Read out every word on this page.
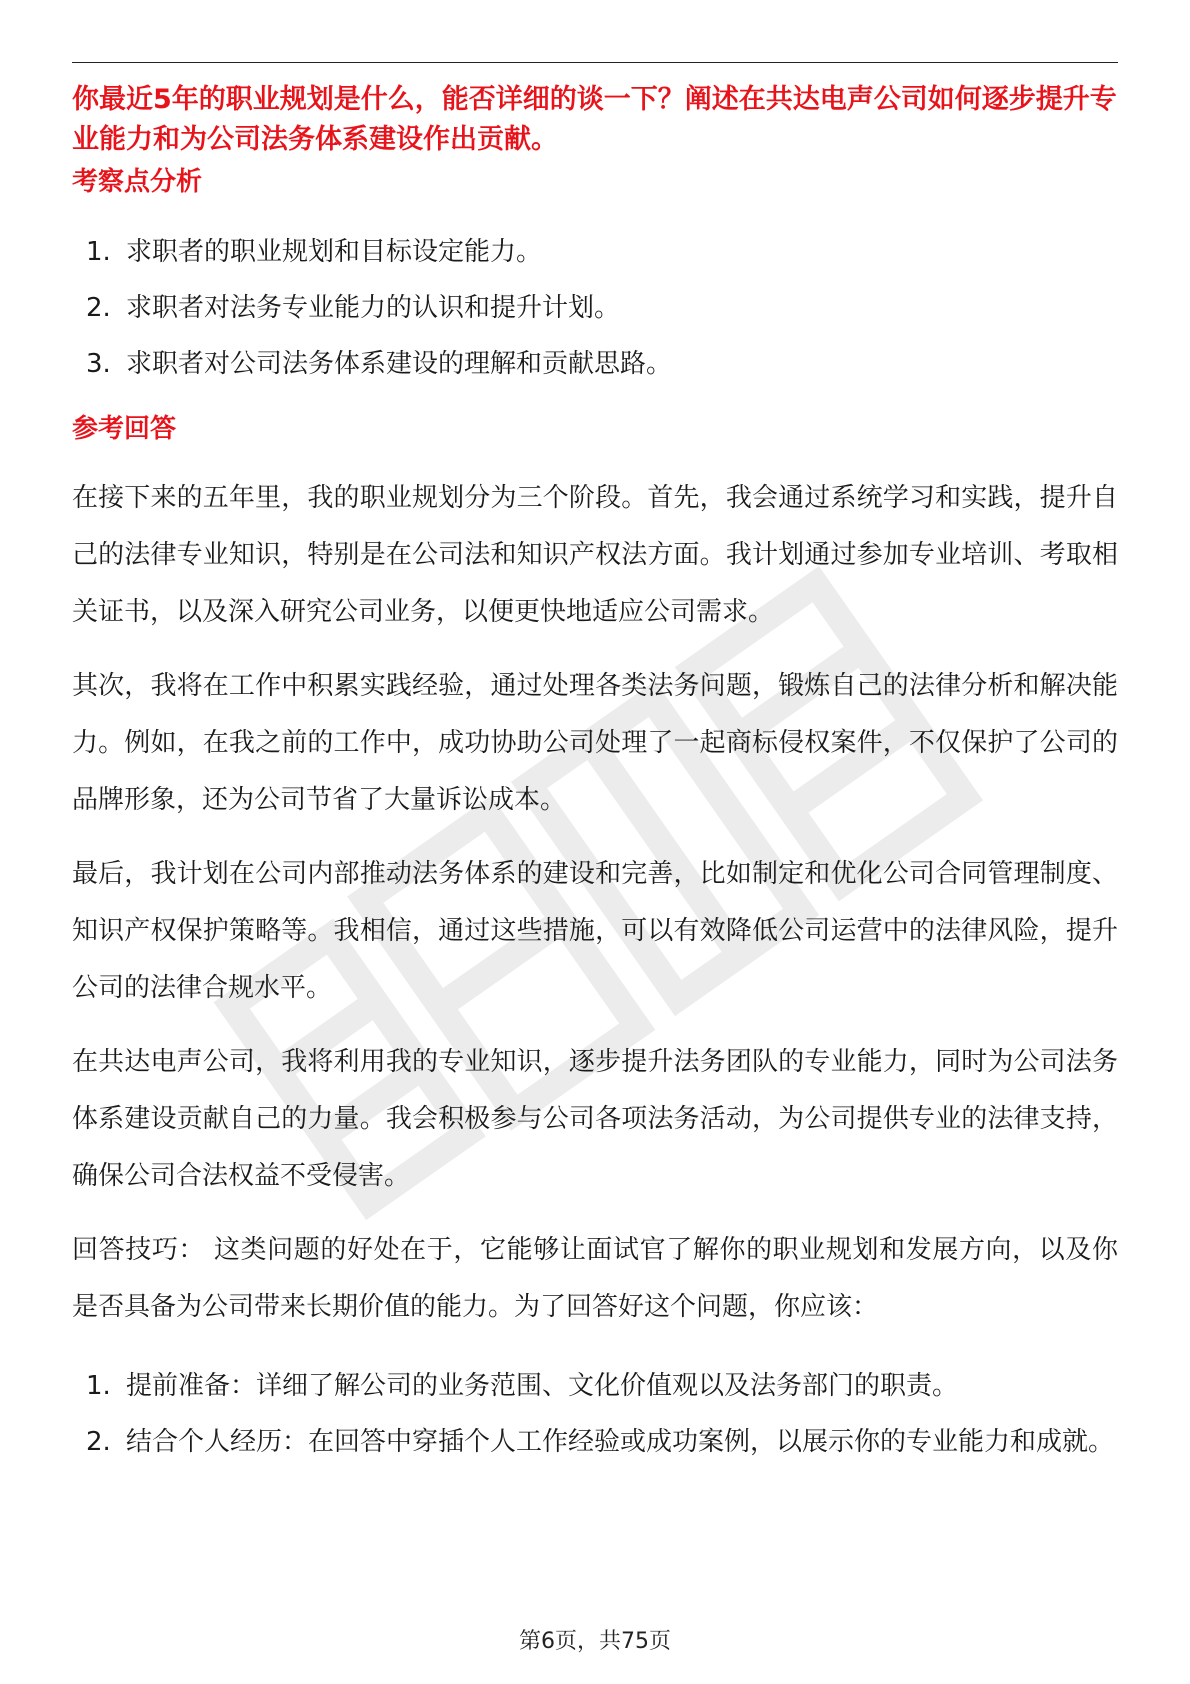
你最近5年的职业规划是什么，能否详细的谈一下？阐述在共达电声公司如何逐步提升专业能力和为公司法务体系建设作出贡献。
考察点分析
1. 求职者的职业规划和目标设定能力。
2. 求职者对法务专业能力的认识和提升计划。
3. 求职者对公司法务体系建设的理解和贡献思路。
参考回答

在接下来的五年里，我的职业规划分为三个阶段。首先，我会通过系统学习和实践，提升自己的法律专业知识，特别是在公司法和知识产权法方面。我计划通过参加专业培训、考取相关证书，以及深入研究公司业务，以便更快地适应公司需求。

其次，我将在工作中积累实践经验，通过处理各类法务问题，锻炼自己的法律分析和解决能力。例如，在我之前的工作中，成功协助公司处理了一起商标侵权案件，不仅保护了公司的品牌形象，还为公司节省了大量诉讼成本。

最后，我计划在公司内部推动法务体系的建设和完善，比如制定和优化公司合同管理制度、知识产权保护策略等。我相信，通过这些措施，可以有效降低公司运营中的法律风险，提升公司的法律合规水平。

在共达电声公司，我将利用我的专业知识，逐步提升法务团队的专业能力，同时为公司法务体系建设贡献自己的力量。我会积极参与公司各项法务活动，为公司提供专业的法律支持，确保公司合法权益不受侵害。

回答技巧： 这类问题的好处在于，它能够让面试官了解你的职业规划和发展方向，以及你是否具备为公司带来长期价值的能力。为了回答好这个问题，你应该：

1. 提前准备：详细了解公司的业务范围、文化价值观以及法务部门的职责。
2. 结合个人经历：在回答中穿插个人工作经验或成功案例，以展示你的专业能力和成就。
第6页，共75页
